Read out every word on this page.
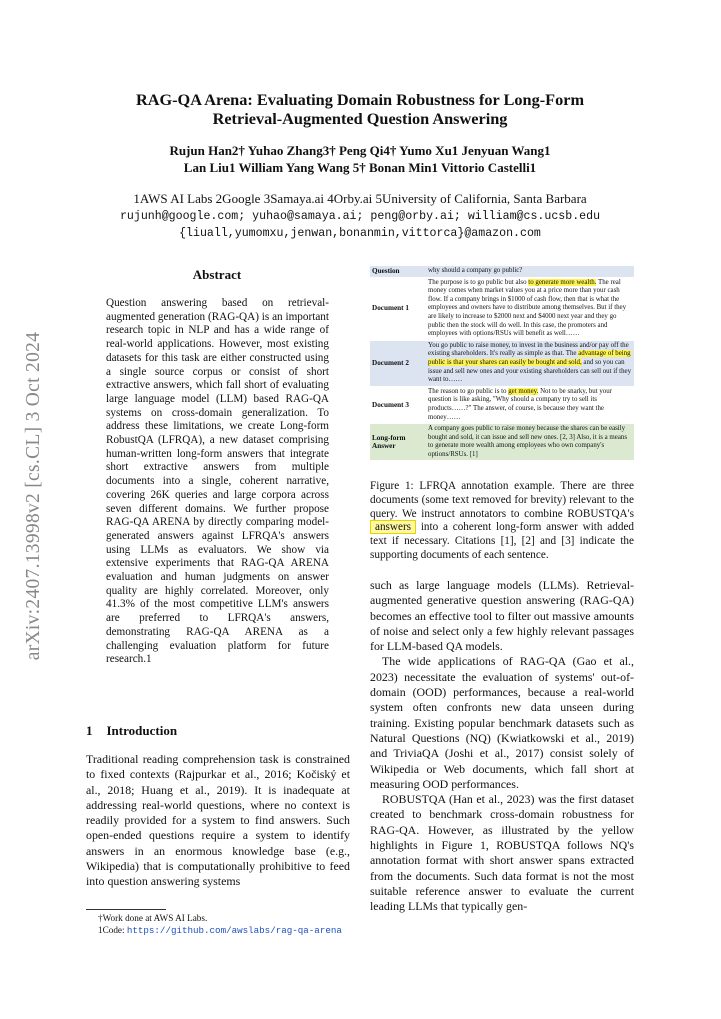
arXiv:2407.13998v2 [cs.CL] 3 Oct 2024
RAG-QA Arena: Evaluating Domain Robustness for Long-Form Retrieval-Augmented Question Answering
Rujun Han2† Yuhao Zhang3† Peng Qi4† Yumo Xu1 Jenyuan Wang1
Lan Liu1 William Yang Wang 5† Bonan Min1 Vittorio Castelli1
1AWS AI Labs 2Google 3Samaya.ai 4Orby.ai 5University of California, Santa Barbara
rujunh@google.com; yuhao@samaya.ai; peng@orby.ai; william@cs.ucsb.edu
{liuall,yumomxu,jenwan,bonanmin,vittorca}@amazon.com
Abstract
Question answering based on retrieval-augmented generation (RAG-QA) is an important research topic in NLP and has a wide range of real-world applications. However, most existing datasets for this task are either constructed using a single source corpus or consist of short extractive answers, which fall short of evaluating large language model (LLM) based RAG-QA systems on cross-domain generalization. To address these limitations, we create Long-form RobustQA (LFRQA), a new dataset comprising human-written long-form answers that integrate short extractive answers from multiple documents into a single, coherent narrative, covering 26K queries and large corpora across seven different domains. We further propose RAG-QA ARENA by directly comparing model-generated answers against LFRQA's answers using LLMs as evaluators. We show via extensive experiments that RAG-QA ARENA evaluation and human judgments on answer quality are highly correlated. Moreover, only 41.3% of the most competitive LLM's answers are preferred to LFRQA's answers, demonstrating RAG-QA ARENA as a challenging evaluation platform for future research.1
1 Introduction
Traditional reading comprehension task is constrained to fixed contexts (Rajpurkar et al., 2016; Kočiský et al., 2018; Huang et al., 2019). It is inadequate at addressing real-world questions, where no context is readily provided for a system to find answers. Such open-ended questions require a system to identify answers in an enormous knowledge base (e.g., Wikipedia) that is computationally prohibitive to feed into question answering systems
†Work done at AWS AI Labs.
1Code: https://github.com/awslabs/rag-qa-arena
Question	why should a company go public?
Document 1
The purpose is to go public but also to generate more wealth. The real money comes when market values you at a price more than your cash flow. If a company brings in $1000 of cash flow, then that is what the employees and owners have to distribute among themselves. But if they are likely to increase to $2000 next and $4000 next year and they go public then the stock will do well. In this case, the promoters and employees with options/RSUs will benefit as well……
Document 2
You go public to raise money, to invest in the business and/or pay off the existing shareholders. It's really as simple as that. The advantage of being public is that your shares can easily be bought and sold, and so you can issue and sell new ones and your existing shareholders can sell out if they want to……
Document 3
The reason to go public is to get money. Not to be snarky, but your question is like asking, "Why should a company try to sell its products……?" The answer, of course, is because they want the money……
Long-form Answer
A company goes public to raise money because the shares can be easily bought and sold, it can issue and sell new ones. [2, 3] Also, it is a means to generate more wealth among employees who own company's options/RSUs. [1]
Figure 1: LFRQA annotation example. There are three documents (some text removed for brevity) relevant to the query. We instruct annotators to combine ROBUSTQA's answers into a coherent long-form answer with added text if necessary. Citations [1], [2] and [3] indicate the supporting documents of each sentence.

such as large language models (LLMs). Retrieval-augmented generative question answering (RAG-QA) becomes an effective tool to filter out massive amounts of noise and select only a few highly relevant passages for LLM-based QA models.

The wide applications of RAG-QA (Gao et al., 2023) necessitate the evaluation of systems' out-of-domain (OOD) performances, because a real-world system often confronts new data unseen during training. Existing popular benchmark datasets such as Natural Questions (NQ) (Kwiatkowski et al., 2019) and TriviaQA (Joshi et al., 2017) consist solely of Wikipedia or Web documents, which fall short at measuring OOD performances.

ROBUSTQA (Han et al., 2023) was the first dataset created to benchmark cross-domain robustness for RAG-QA. However, as illustrated by the yellow highlights in Figure 1, ROBUSTQA follows NQ's annotation format with short answer spans extracted from the documents. Such data format is not the most suitable reference answer to evaluate the current leading LLMs that typically gen-
